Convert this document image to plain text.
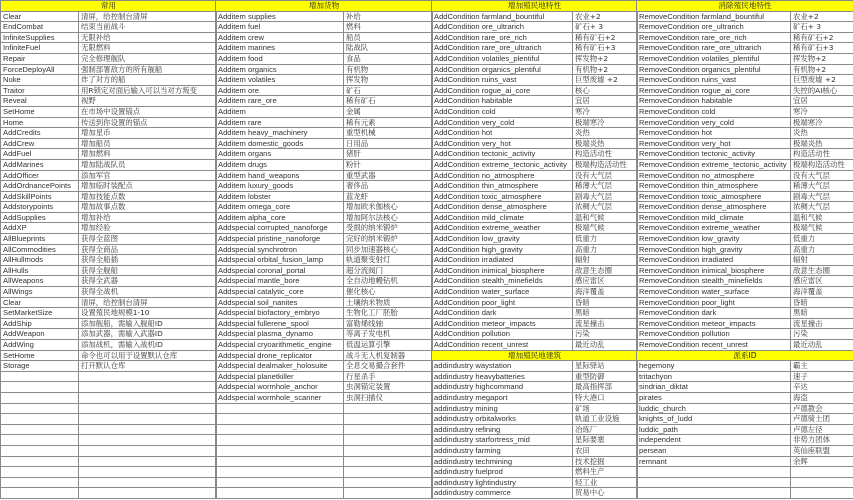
常用	
Clear	清屏，给控制台清屏
EndCombat	结束当前战斗
InfiniteSupplies	无限补给
InfiniteFuel	无限燃料
Repair	完全修理舰队
ForceDeployAll	强制部署敌方的所有舰船
Nuke	炸了对方的船
Traitor	用R锁定对面后输入可以当对方叛变
Reveal	视野
SetHome	在市场中设置锚点
Home	传送到你设置的锚点
AddCredits	增加星币
AddCrew	增加船员
AddFuel	增加燃料
AddMarines	增加陆战队员
AddOfficer	添加军官
AddOrdnancePoints	增加临时装配点
AddSkillPoints	增加技能点数
Addstorypoints	增加故事点数
AddSupplies	增加补给
AddXP	增加经验
AllBlueprints	获得全蓝图
AllCommodities	获得全商品
AllHullmods	获得全船插
AllHulls	获得全舰船
AllWeapons	获得全武器
AllWings	获得全战机
Clear	清屏，给控制台清屏
SetMarketSize	设置殖民地规模1-10
AddShip	添加舰船，需输入舰船ID
AddWeapon	添加武器，需输入武器ID
AddWing	添加战机，需输入战机ID
SetHome	命令也可以用于设置默认仓库
Storage	打开默认仓库

增加货物	
Additem supplies	补给
Additem fuel	燃料
Additem crew	船员
Additem marines	陆战队
Additem food	食品
Additem organics	有机物
Additem volatiles	挥发物
Additem ore	矿石
Additem rare_ore	稀有矿石
Additem	金属
Additem rare	稀有元素
Additem heavy_machinery	重型机械
Additem domestic_goods	日用品
Additem organs	猪肝
Additem drugs	粉针
Additem hand_weapons	重型武器
Additem luxury_goods	奢侈品
Additem lobster	蓝龙虾
Additem omega_core	增加欧米伽核心
Additem alpha_core	增加阿尔法核心
Addspecial corrupted_nanoforge	受损的纳米锻炉
Addspecial pristine_nanoforge	完好的纳米锻炉
Addspecial synchrotron	同步加速器核心
Addspecial orbital_fusion_lamp	轨道聚变射灯
Addspecial coronal_portal	超分流阀门
Addspecial mantle_bore	全自动地幔钻机
Addspecial catalytic_core	催化核心
Addspecial soil_nanites	土壤纳米物质
Addspecial biofactory_embryo	生物化工厂胚胎
Addspecial fullerene_spool	富勒烯线轴
Addspecial plasma_dynamo	等离子发电机
Addspecial cryoarithmetic_engine	低温运算引擎
Addspecial drone_replicator	战斗无人机复制器
Addspecial dealmaker_holosuite	全息交易撮合套件
Addspecial planetkiller	行星杀手
Addspecial wormhole_anchor	虫洞锚定装置
Addspecial wormhole_scanner	虫洞扫描仪

增加殖民地特性	
AddCondition farmland_bountiful	农业+2
AddCondition ore_ultrarich	矿石+ 3
AddCondition rare_ore_rich	稀有矿石+2
AddCondition rare_ore_ultrarich	稀有矿石+3
AddCondition volatiles_plentiful	挥发物+2
AddCondition organics_plentiful	有机物+2
AddCondition ruins_vast	巨型废墟 +2
AddCondition rogue_ai_core	核心
AddCondition habitable	宜居
AddCondition cold	寒冷
AddCondition very_cold	极端寒冷
AddCondition hot	炎热
AddCondition very_hot	极端炎热
AddCondition tectonic_activity	构造活动性
AddCondition extreme_tectonic_activity	极端构造活动性
AddCondition no_atmosphere	没有大气层
AddCondition thin_atmosphere	稀薄大气层
AddCondition toxic_atmosphere	剧毒大气层
AddCondition dense_atmosphere	浓稠大气层
AddCondition mild_climate	温和气候
AddCondition extreme_weather	极端气候
AddCondition low_gravity	低重力
AddCondition high_gravity	高重力
AddCondition irradiated	辐射
AddCondition inimical_biosphere	敌意生态圈
AddCondition stealth_minefields	感应雷区
AddCondition water_surface	海洋覆盖
AddCondition poor_light	昏暗
AddCondition dark	黑暗
AddCondition meteor_impacts	流星撞击
AddCondition pollution	污染
AddCondition recent_unrest	最近动乱
增加殖民地建筑	
addindustry waystation	星际驿站
addindustry heavybatteries	重型防御
addindustry highcommand	最高指挥部
addindustry megaport	特大港口
addindustry mining	矿场
addindustry orbitalworks	轨道工业设施
addindustry refining	冶炼厂
addindustry starfortress_mid	星际要塞
addindustry farming	农田
addindustry techmining	技术挖掘
addindustry fuelprod	燃料生产
addindustry lightindustry	轻工业
addindustry commerce	贸易中心
消除殖民地特性	
RemoveCondition farmland_bountiful	农业+2
RemoveCondition ore_ultrarich	矿石+ 3
RemoveCondition rare_ore_rich	稀有矿石+2
RemoveCondition rare_ore_ultrarich	稀有矿石+3
RemoveCondition volatiles_plentiful	挥发物+2
RemoveCondition organics_plentiful	有机物+2
RemoveCondition ruins_vast	巨型废墟 +2
RemoveCondition rogue_ai_core	失控的AI核心
RemoveCondition habitable	宜居
RemoveCondition cold	寒冷
RemoveCondition very_cold	极端寒冷
RemoveCondition hot	炎热
RemoveCondition very_hot	极端炎热
RemoveCondition tectonic_activity	构造活动性
RemoveCondition extreme_tectonic_activity	极端构造活动性
RemoveCondition no_atmosphere	没有大气层
RemoveCondition thin_atmosphere	稀薄大气层
RemoveCondition toxic_atmosphere	剧毒大气层
RemoveCondition dense_atmosphere	浓稠大气层
RemoveCondition mild_climate	温和气候
RemoveCondition extreme_weather	极端气候
RemoveCondition low_gravity	低重力
RemoveCondition high_gravity	高重力
RemoveCondition irradiated	辐射
RemoveCondition inimical_biosphere	敌意生态圈
RemoveCondition stealth_minefields	感应雷区
RemoveCondition water_surface	海洋覆盖
RemoveCondition poor_light	昏暗
RemoveCondition dark	黑暗
RemoveCondition meteor_impacts	流星撞击
RemoveCondition pollution	污染
RemoveCondition recent_unrest	最近动乱
派系ID	
hegemony	霸主
tritachyon	速子
sindrian_diktat	辛达
pirates	海盗
luddic_church	卢德教会
knights_of_ludd	卢德骑士团
luddic_path	卢德左径
independent	非势力团体
persean	英仙座联盟
remnant	余辉
